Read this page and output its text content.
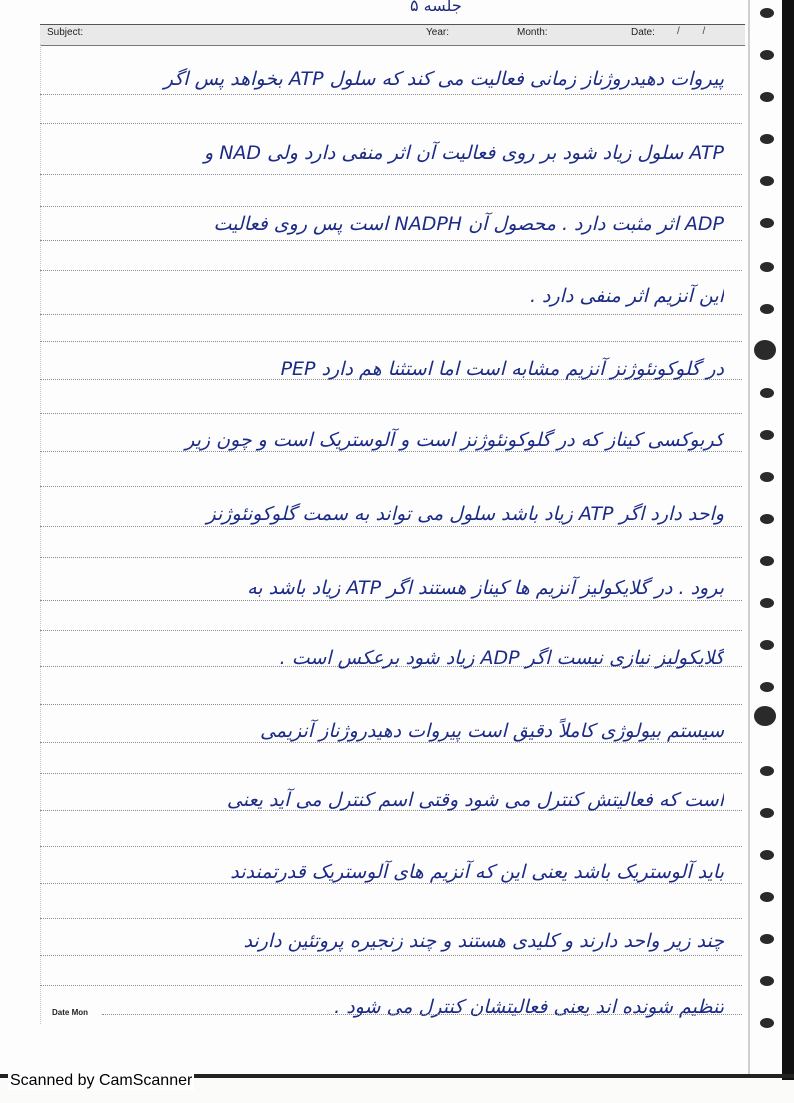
جلسه ۵
Subject:	Year:	Month:	Date: / /
پیروات دهیدروژناز زمانی فعالیت می کند که سلول ATP بخواهد پس اگر
ATP سلول زیاد شود بر روی فعالیت آن اثر منفی دارد ولی NAD و
ADP اثر مثبت دارد . محصول آن NADPH است پس روی فعالیت
این آنزیم اثر منفی دارد .
در گلوکونئوژنز آنزیم مشابه است اما استثنا هم دارد PEP
کربوکسی کیناز که در گلوکونئوژنز است و آلوستریک است و چون زیر
واحد دارد اگر ATP زیاد باشد سلول می تواند به سمت گلوکونئوژنز
برود . در گلایکولیز آنزیم ها کیناز هستند اگر ATP زیاد باشد به
گلایکولیز نیازی نیست اگر ADP زیاد شود برعکس است .
سیستم بیولوژی کاملاً دقیق است پیروات دهیدروژناز آنزیمی
است که فعالیتش کنترل می شود وقتی اسم کنترل می آید یعنی
باید آلوستریک باشد یعنی این که آنزیم های آلوستریک قدرتمندند
چند زیر واحد دارند و کلیدی هستند و چند زنجیره پروتئین دارند
تنظیم شونده اند یعنی فعالیتشان کنترل می شود .
Date Mon
Scanned by CamScanner
